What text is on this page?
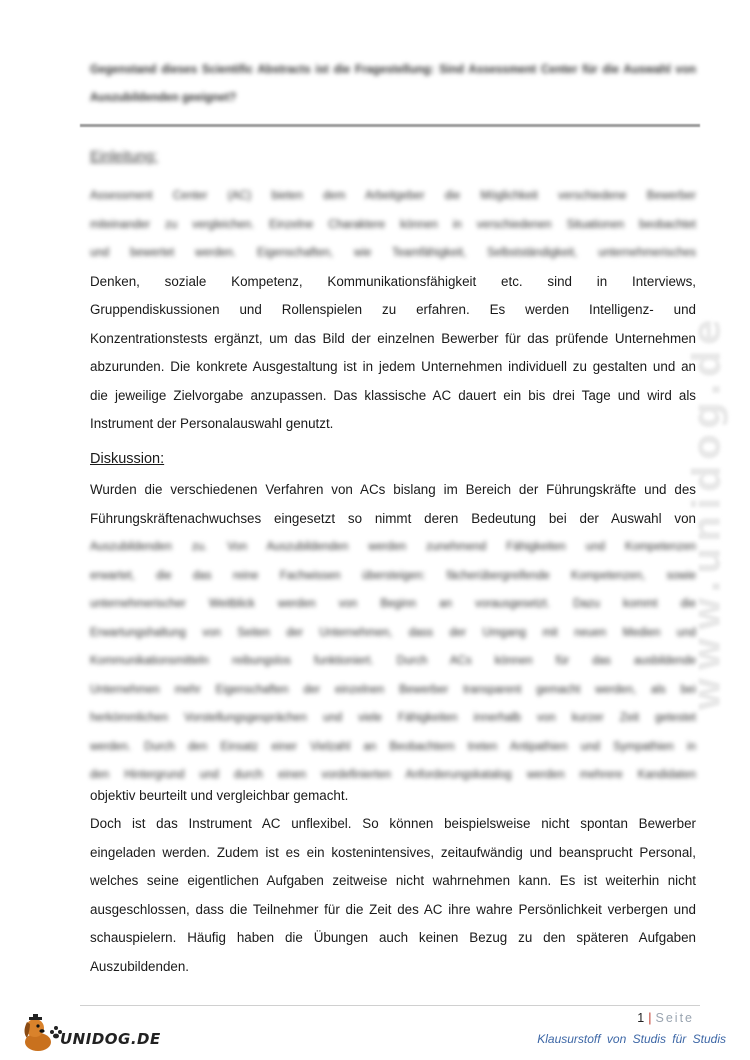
Gegenstand dieses Scientific Abstracts ist die Fragestellung: Sind Assessment Center für die Auswahl von Auszubildenden geeignet?
Einleitung:
Assessment Center (AC) bieten dem Arbeitgeber die Möglichkeit verschiedene Bewerber
miteinander zu vergleichen. Einzelne Charaktere können in verschiedenen Situationen beobachtet
und bewertet werden. Eigenschaften, wie Teamfähigkeit, Selbstständigkeit, unternehmerisches
Denken, soziale Kompetenz, Kommunikationsfähigkeit etc. sind in Interviews,
Gruppendiskussionen und Rollenspielen zu erfahren. Es werden Intelligenz- und
Konzentrationstests ergänzt, um das Bild der einzelnen Bewerber für das prüfende Unternehmen
abzurunden. Die konkrete Ausgestaltung ist in jedem Unternehmen individuell zu gestalten und an
die jeweilige Zielvorgabe anzupassen. Das klassische AC dauert ein bis drei Tage und wird als
Instrument der Personalauswahl genutzt.
Diskussion:
Wurden die verschiedenen Verfahren von ACs bislang im Bereich der Führungskräfte und des
Führungskräftenachwuchses eingesetzt so nimmt deren Bedeutung bei der Auswahl von
Auszubildenden zu. Von Auszubildenden werden zunehmend Fähigkeiten und Kompetenzen
erwartet, die das reine Fachwissen übersteigen: fächerübergreifende Kompetenzen, sowie
unternehmerischer Weitblick werden von Beginn an vorausgesetzt. Dazu kommt die
Erwartungshaltung von Seiten der Unternehmen, dass der Umgang mit neuen Medien und
Kommunikationsmitteln reibungslos funktioniert. Durch ACs können für das ausbildende
Unternehmen mehr Eigenschaften der einzelnen Bewerber transparent gemacht werden, als bei
herkömmlichen Vorstellungsgesprächen und viele Fähigkeiten innerhalb von kurzer Zeit getestet
werden. Durch den Einsatz einer Vielzahl an Beobachtern treten Antipathien und Sympathien in
den Hintergrund und durch einen vordefinierten Anforderungskatalog werden mehrere Kandidaten
objektiv beurteilt und vergleichbar gemacht.
Doch ist das Instrument AC unflexibel. So können beispielsweise nicht spontan Bewerber
eingeladen werden. Zudem ist es ein kostenintensives, zeitaufwändig und beansprucht Personal,
welches seine eigentlichen Aufgaben zeitweise nicht wahrnehmen kann. Es ist weiterhin nicht
ausgeschlossen, dass die Teilnehmer für die Zeit des AC ihre wahre Persönlichkeit verbergen und
schauspielern. Häufig haben die Übungen auch keinen Bezug zu den späteren Aufgaben
Auszubildenden.
www.unidog.de
1 | Seite
UNIDOG.DE	Klausurstoff von Studis für Studis
